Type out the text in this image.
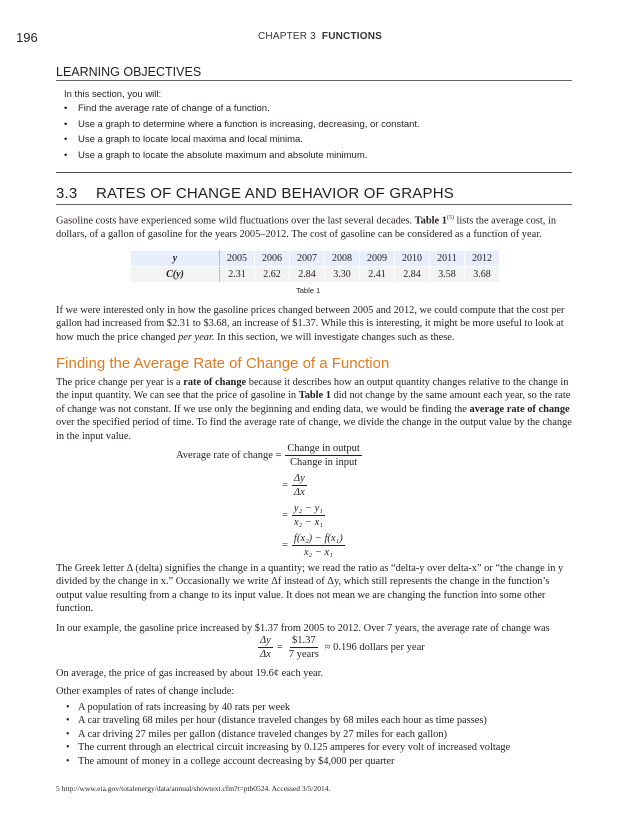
196	CHAPTER 3 FUNCTIONS
LEARNING OBJECTIVES
In this section, you will:
• Find the average rate of change of a function.
• Use a graph to determine where a function is increasing, decreasing, or constant.
• Use a graph to locate local maxima and local minima.
• Use a graph to locate the absolute maximum and absolute minimum.
3.3 RATES OF CHANGE AND BEHAVIOR OF GRAPHS

Gasoline costs have experienced some wild fluctuations over the last several decades. Table 1$^{(5)}$ lists the average cost, in dollars, of a gallon of gasoline for the years 2005–2012. The cost of gasoline can be considered as a function of year.

y	2005	2006	2007	2008	2009	2010	2011	2012
C(y)	2.31	2.62	2.84	3.30	2.41	2.84	3.58	3.68
Table 1

If we were interested only in how the gasoline prices changed between 2005 and 2012, we could compute that the cost per gallon had increased from $2.31 to $3.68, an increase of $1.37. While this is interesting, it might be more useful to look at how much the price changed per year. In this section, we will investigate changes such as these.

Finding the Average Rate of Change of a Function

The price change per year is a rate of change because it describes how an output quantity changes relative to the change in the input quantity. We can see that the price of gasoline in Table 1 did not change by the same amount each year, so the rate of change was not constant. If we use only the beginning and ending data, we would be finding the average rate of change over the specified period of time. To find the average rate of change, we divide the change in the output value by the change in the input value.

Average rate of change = $\frac{\text{Change in output}}{\text{Change in input}}$
= $\frac{\Delta y}{\Delta x}$
= $\frac{\text{y₂ − y₁}}{\text{x₂ − x₁}}$
= $\frac{\text{f(x₂) − f(x₁)}}{\text{x₂ − x₁}}$

The Greek letter Δ (delta) signifies the change in a quantity; we read the ratio as “delta-y over delta-x” or “the change in y divided by the change in x.” Occasionally we write Δf instead of Δy, which still represents the change in the function’s output value resulting from a change to its input value. It does not mean we are changing the function into some other function.

In our example, the gasoline price increased by $1.37 from 2005 to 2012. Over 7 years, the average rate of change was

$\frac{\Delta y}{\Delta x} = \frac{\$1.37}{\text{7 years}} \approx 0.196$ dollars per year

On average, the price of gas increased by about 19.6¢ each year.

Other examples of rates of change include:

• A population of rats increasing by 40 rats per week
• A car traveling 68 miles per hour (distance traveled changes by 68 miles each hour as time passes)
• A car driving 27 miles per gallon (distance traveled changes by 27 miles for each gallon)
• The current through an electrical circuit increasing by 0.125 amperes for every volt of increased voltage
• The amount of money in a college account decreasing by $4,000 per quarter
5 http://www.eia.gov/totalenergy/data/annual/showtext.cfm?t=ptb0524. Accessed 3/5/2014.
